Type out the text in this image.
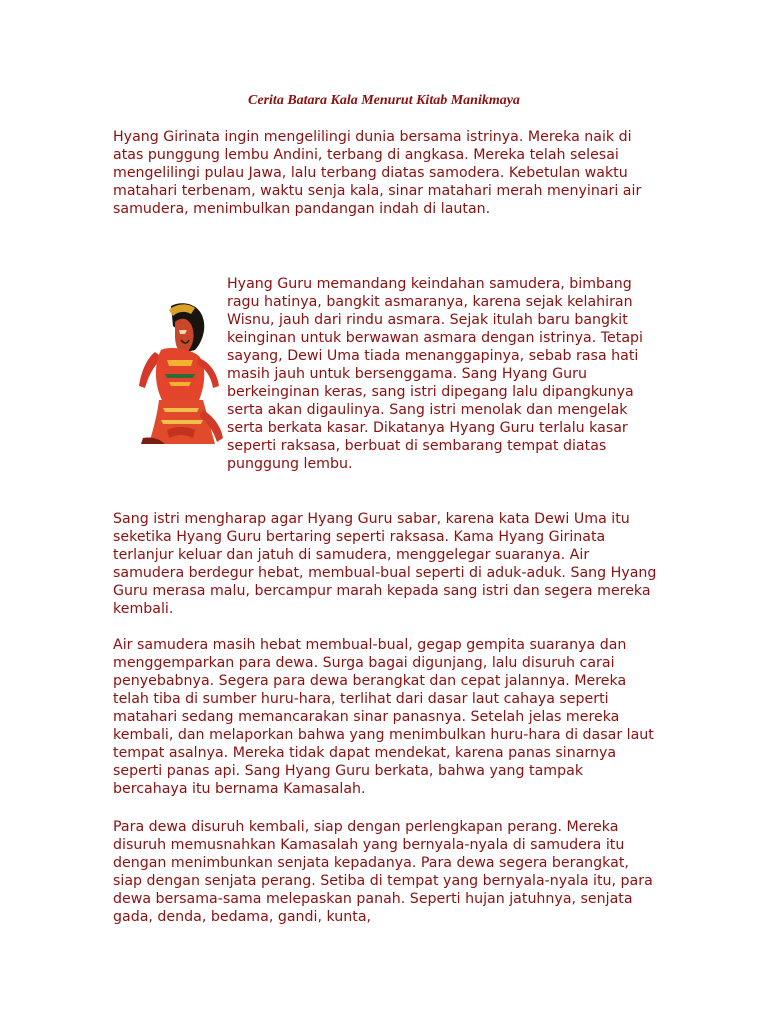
Cerita Batara Kala Menurut Kitab Manikmaya

Hyang Girinata ingin mengelilingi dunia bersama istrinya. Mereka naik di atas punggung lembu Andini, terbang di angkasa. Mereka telah selesai mengelilingi pulau Jawa, lalu terbang diatas samodera. Kebetulan waktu matahari terbenam, waktu senja kala, sinar matahari merah menyinari air samudera, menimbulkan pandangan indah di lautan.

Hyang Guru memandang keindahan samudera, bimbang ragu hatinya, bangkit asmaranya, karena sejak kelahiran Wisnu, jauh dari rindu asmara. Sejak itulah baru bangkit keinginan untuk berwawan asmara dengan istrinya. Tetapi sayang, Dewi Uma tiada menanggapinya, sebab rasa hati masih jauh untuk bersenggama. Sang Hyang Guru berkeinginan keras, sang istri dipegang lalu dipangkunya serta akan digaulinya. Sang istri menolak dan mengelak serta berkata kasar. Dikatanya Hyang Guru terlalu kasar seperti raksasa, berbuat di sembarang tempat diatas punggung lembu.

Sang istri mengharap agar Hyang Guru sabar, karena kata Dewi Uma itu seketika Hyang Guru bertaring seperti raksasa. Kama Hyang Girinata terlanjur keluar dan jatuh di samudera, menggelegar suaranya. Air samudera berdegur hebat, membual-bual seperti di aduk-aduk. Sang Hyang Guru merasa malu, bercampur marah kepada sang istri dan segera mereka kembali.

Air samudera masih hebat membual-bual, gegap gempita suaranya dan menggemparkan para dewa. Surga bagai digunjang, lalu disuruh carai penyebabnya. Segera para dewa berangkat dan cepat jalannya. Mereka telah tiba di sumber huru-hara, terlihat dari dasar laut cahaya seperti matahari sedang memancarakan sinar panasnya. Setelah jelas mereka kembali, dan melaporkan bahwa yang menimbulkan huru-hara di dasar laut tempat asalnya. Mereka tidak dapat mendekat, karena panas sinarnya seperti panas api. Sang Hyang Guru berkata, bahwa yang tampak bercahaya itu bernama Kamasalah.

Para dewa disuruh kembali, siap dengan perlengkapan perang. Mereka disuruh memusnahkan Kamasalah yang bernyala-nyala di samudera itu dengan menimbunkan senjata kepadanya. Para dewa segera berangkat, siap dengan senjata perang. Setiba di tempat yang bernyala-nyala itu, para dewa bersama-sama melepaskan panah. Seperti hujan jatuhnya, senjata gada, denda, bedama, gandi, kunta,
